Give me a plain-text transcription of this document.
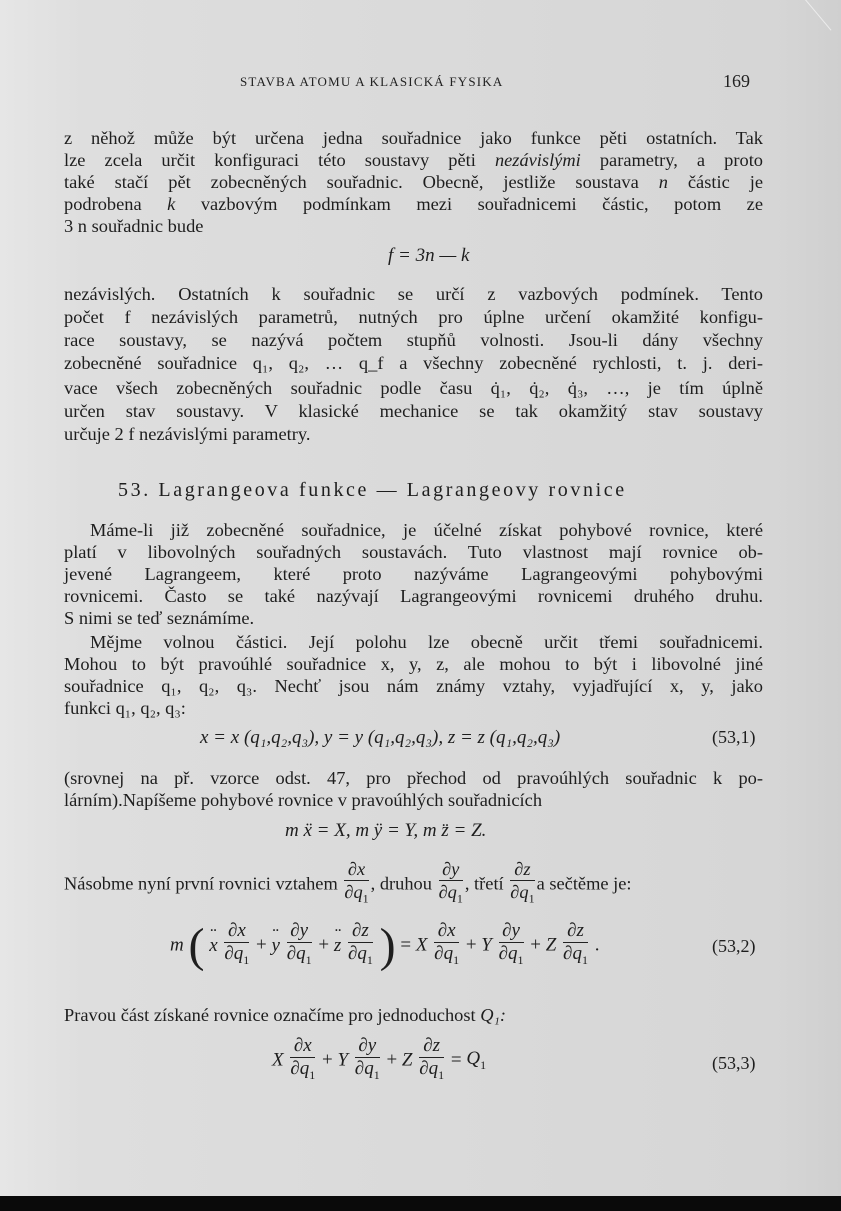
STAVBA ATOMU A KLASICKÁ FYSIKA	169
z něhož může být určena jedna souřadnice jako funkce pěti ostatních. Tak
lze zcela určit konfiguraci této soustavy pěti nezávislými parametry, a proto
také stačí pět zobecněných souřadnic. Obecně, jestliže soustava n částic je
podrobena k vazbovým podmínkam mezi souřadnicemi částic, potom ze
3 n souřadnic bude
f = 3n — k
nezávislých. Ostatních k souřadnic se určí z vazbových podmínek. Tento
počet f nezávislých parametrů, nutných pro úplne určení okamžité konfigu-
race soustavy, se nazývá počtem stupňů volnosti. Jsou-li dány všechny
zobecněné souřadnice q₁, q₂, … q_f a všechny zobecněné rychlosti, t. j. deri-
vace všech zobecněných souřadnic podle času q̇₁, q̇₂, q̇₃, …, je tím úplně
určen stav soustavy. V klasické mechanice se tak okamžitý stav soustavy
určuje 2 f nezávislými parametry.
53. Lagrangeova funkce — Lagrangeovy rovnice
Máme-li již zobecněné souřadnice, je účelné získat pohybové rovnice, které
platí v libovolných souřadných soustavách. Tuto vlastnost mají rovnice ob-
jevené Lagrangeem, které proto nazýváme Lagrangeovými pohybovými
rovnicemi. Často se také nazývají Lagrangeovými rovnicemi druhého druhu.
S nimi se teď seznámíme.
Mějme volnou částici. Její polohu lze obecně určit třemi souřadnicemi.
Mohou to být pravoúhlé souřadnice x, y, z, ale mohou to být i libovolné jiné
souřadnice q₁, q₂, q₃. Nechť jsou nám známy vztahy, vyjadřující x, y, jako
funkci q₁, q₂, q₃:
x = x (q₁,q₂,q₃), y = y (q₁,q₂,q₃), z = z (q₁,q₂,q₃)	(53,1)
(srovnej na př. vzorce odst. 47, pro přechod od pravoúhlých souřadnic k po-
lárním).Napíšeme pohybové rovnice v pravoúhlých souřadnicích
m ẍ = X, m ÿ = Y, m z̈ = Z.
Násobme nyní první rovnici vztahem $\frac{\partial x}{\partial q_1}$ , druhou $\frac{\partial y}{\partial q_1}$ , třetí $\frac{\partial z}{\partial q_1}$ a sečtěme je:
m ( ¨ x $\frac{\partial x}{\partial q_1}$ + ¨ y $\frac{\partial y}{\partial q_1}$ + ¨ z $\frac{\partial z}{\partial q_1}$ ) = X $\frac{\partial x}{\partial q_1} + Y \frac{\partial y}{\partial q_1} + Z \frac{\partial z}{\partial q_1}$ .	(53,2)
Pravou část získané rovnice označíme pro jednoduchost Q₁:
X $\frac{\partial x}{\partial q_1} + Y \frac{\partial y}{\partial q_1} + Z \frac{\partial z}{\partial q_1} = Q_1$	(53,3)
